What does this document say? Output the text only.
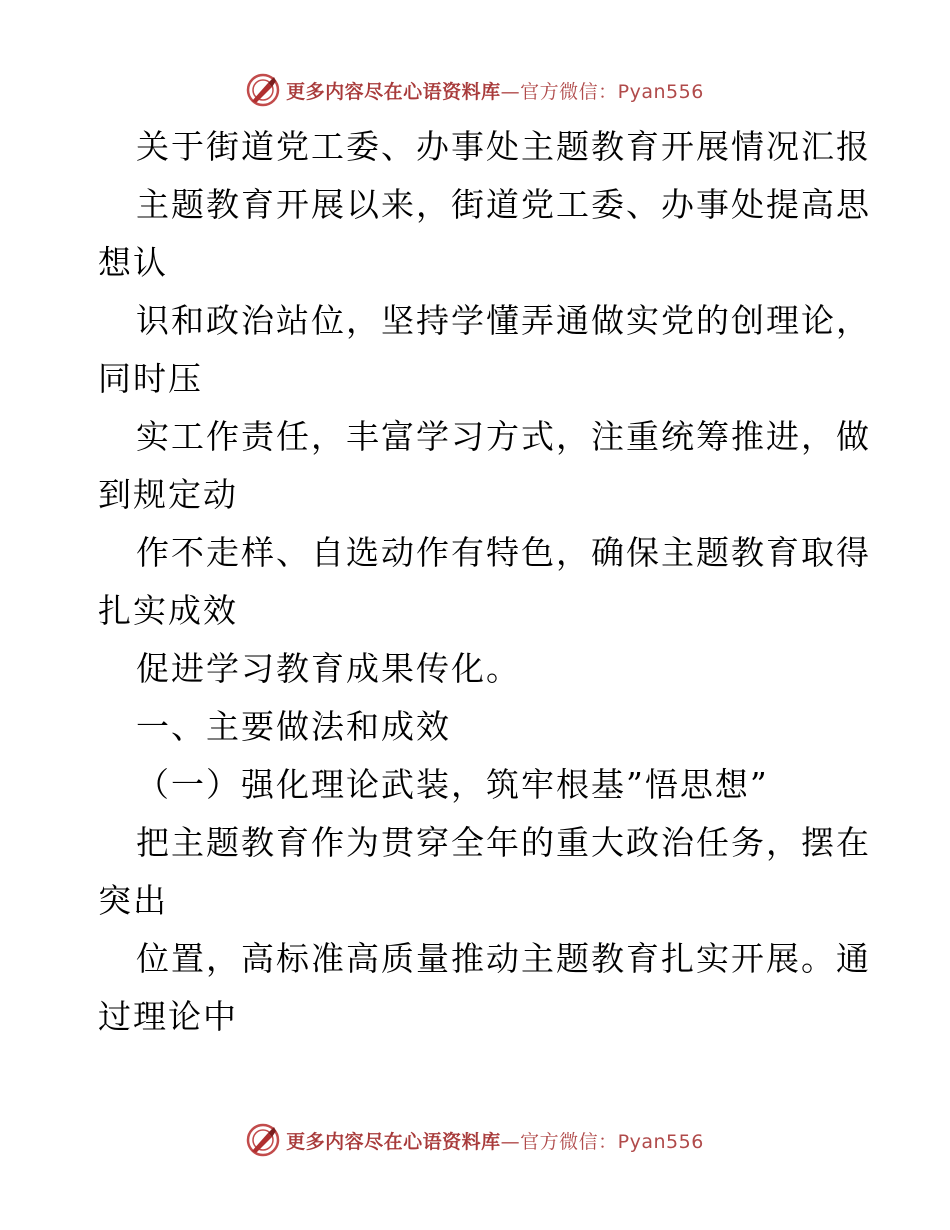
更多内容尽在心语资料库—官方微信：Pyan556
关于街道党工委、办事处主题教育开展情况汇报
主题教育开展以来，街道党工委、办事处提高思
想认
识和政治站位，坚持学懂弄通做实党的创理论，
同时压
实工作责任，丰富学习方式，注重统筹推进，做
到规定动
作不走样、自选动作有特色，确保主题教育取得
扎实成效
促进学习教育成果传化。
一、主要做法和成效
（一）强化理论武装，筑牢根基”悟思想”
把主题教育作为贯穿全年的重大政治任务，摆在
突出
位置，高标准高质量推动主题教育扎实开展。通
过理论中
更多内容尽在心语资料库—官方微信：Pyan556
